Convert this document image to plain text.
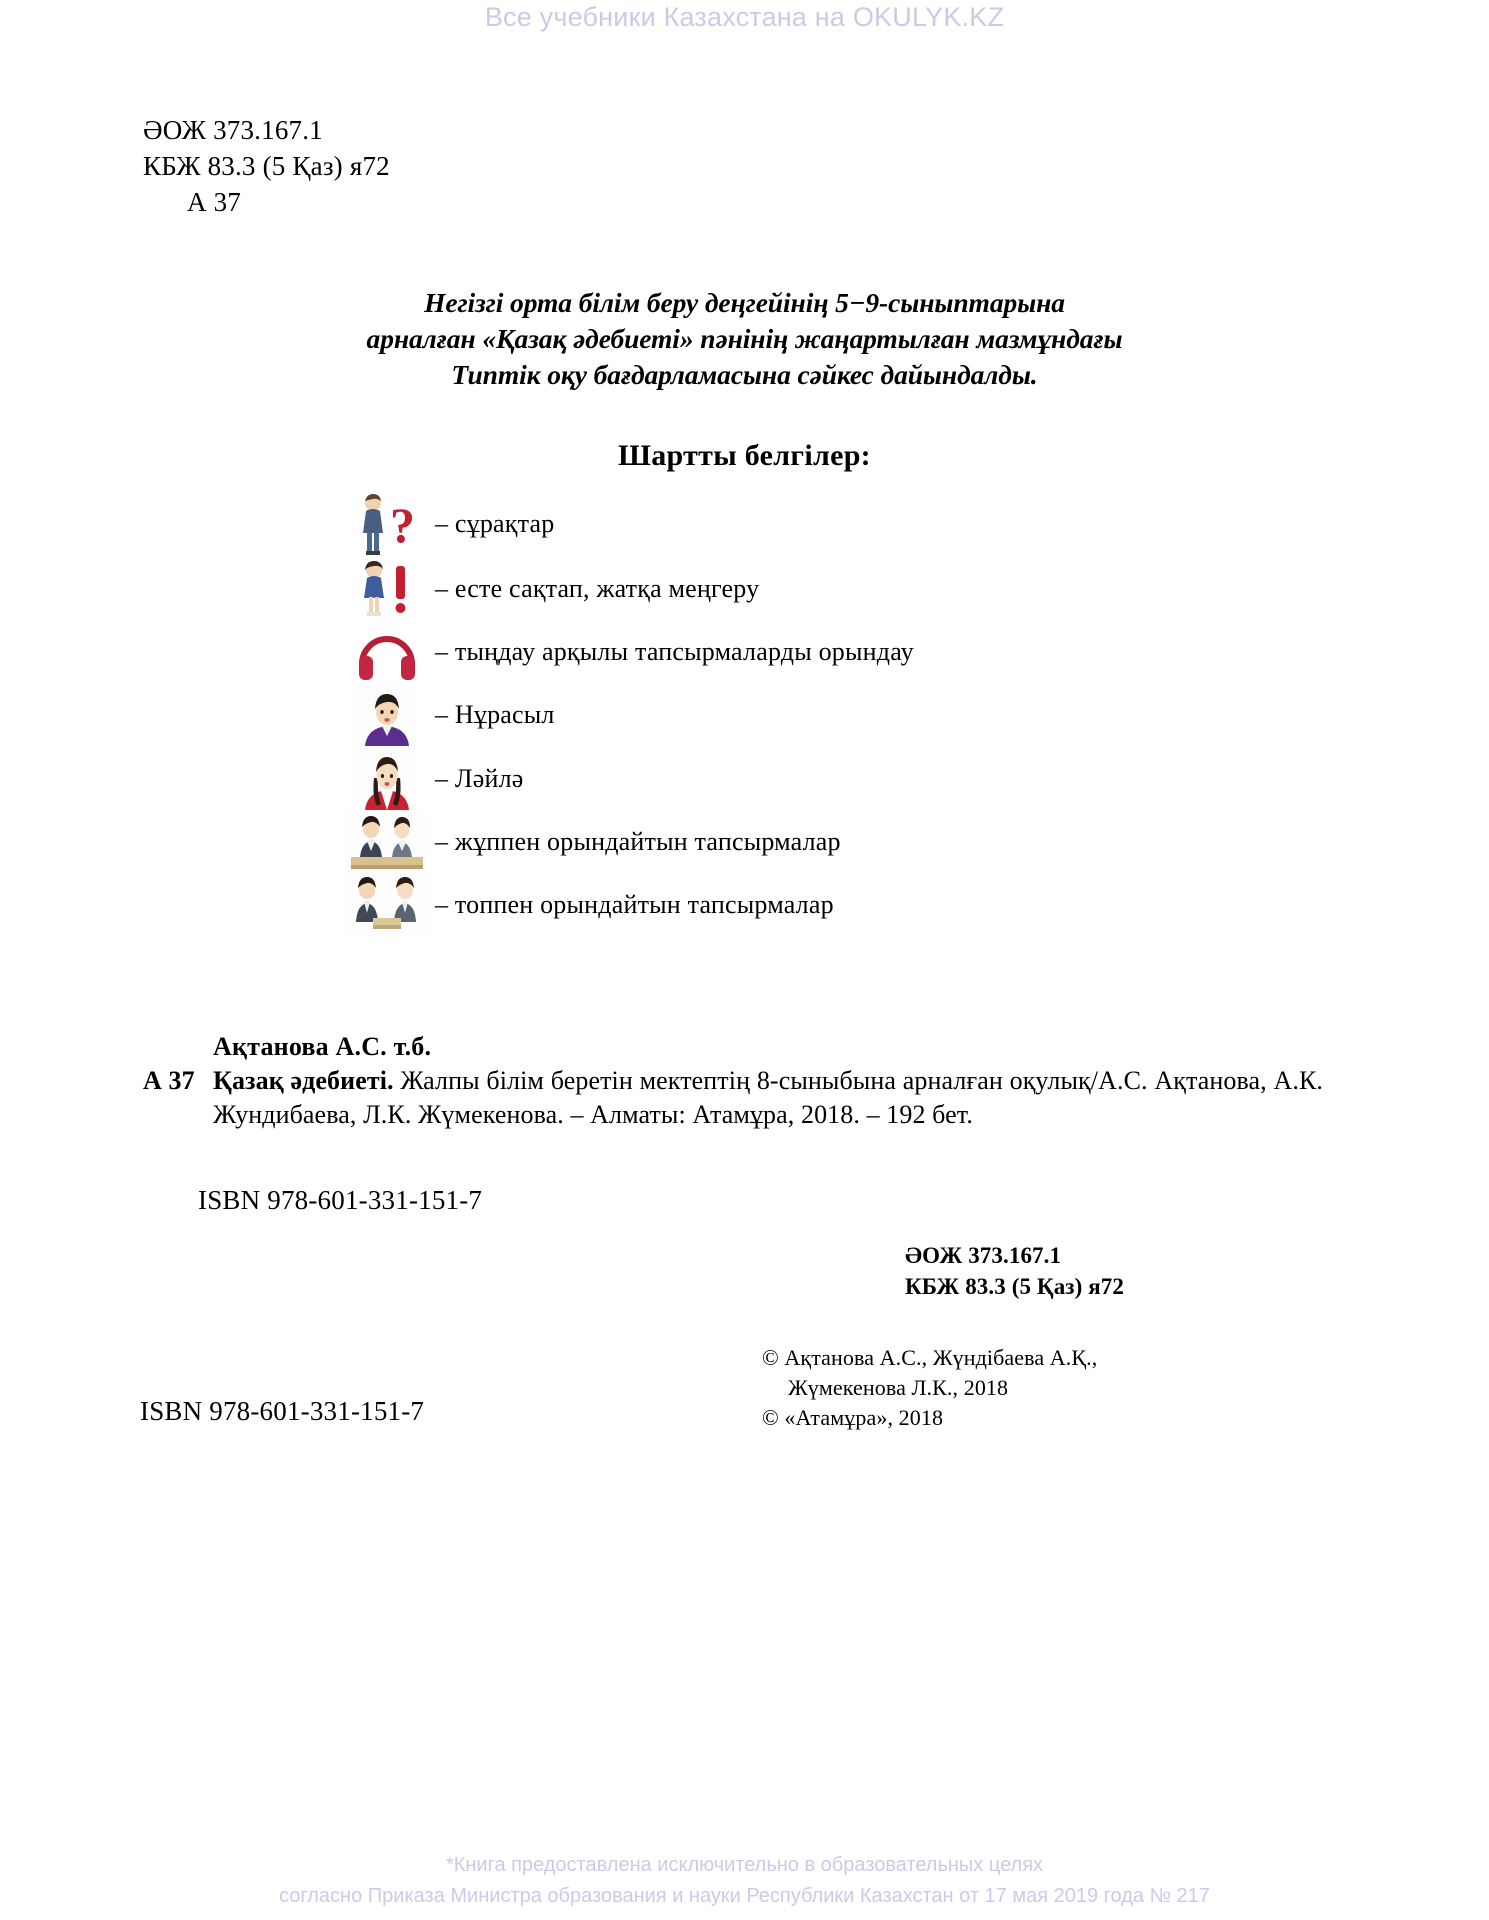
Все учебники Казахстана на OKULYK.KZ
ӘОЖ 373.167.1
КБЖ 83.3 (5 Қаз) я72
А 37
Негізгі орта білім беру деңгейінің 5−9-сыныптарына
арналған «Қазақ әдебиеті» пәнінің жаңартылған мазмұндағы
Типтік оқу бағдарламасына сәйкес дайындалды.
Шартты белгілер:
? – сұрақтар
– есте сақтап, жатқа меңгеру
– тыңдау арқылы тапсырмаларды орындау
– Нұрасыл
– Ләйлә
– жұппен орындайтын тапсырмалар
– топпен орындайтын тапсырмалар
Ақтанова А.С. т.б.
А 37 Қазақ әдебиеті. Жалпы білім беретін мектептің 8-сыныбына арналған оқулық/А.С. Ақтанова, А.К. Жундибаева, Л.К. Жүмекенова. – Алматы: Атамұра, 2018. – 192 бет.
ISBN 978-601-331-151-7
ӘОЖ 373.167.1
КБЖ 83.3 (5 Қаз) я72
© Ақтанова А.С., Жүндібаева А.Қ.,
Жүмекенова Л.К., 2018
© «Атамұра», 2018
ISBN 978-601-331-151-7
*Книга предоставлена исключительно в образовательных целях
согласно Приказа Министра образования и науки Республики Казахстан от 17 мая 2019 года № 217
